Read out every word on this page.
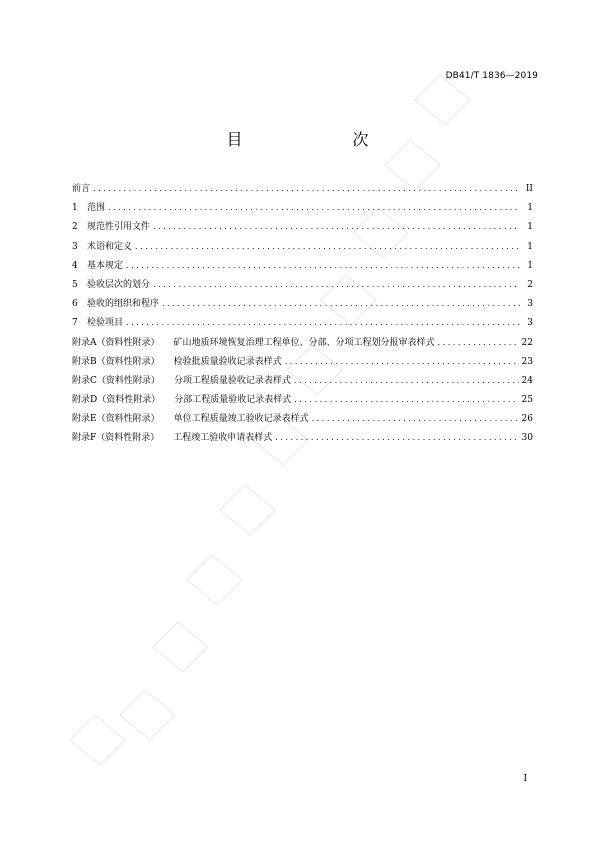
DB41/T 1836—2019
目　　次
前言 . . .	II
1	范围 . . .	1
2	规范性引用文件 . . .	1
3	术语和定义 . . .	1
4	基本规定 . . .	1
5	验收层次的划分 . . .	2
6	验收的组织和程序 . . .	3
7	检验项目 . . .	3
附录A（资料性附录） 矿山地质环境恢复治理工程单位、分部、分项工程划分报审表样式 . . .	22
附录B（资料性附录） 检验批质量验收记录表样式 . . .	23
附录C（资料性附录） 分项工程质量验收记录表样式 . . .	24
附录D（资料性附录） 分部工程质量验收记录表样式 . . .	25
附录E（资料性附录） 单位工程质量竣工验收记录表样式 . . .	26
附录F（资料性附录） 工程竣工验收申请表样式 . . .	30
I
